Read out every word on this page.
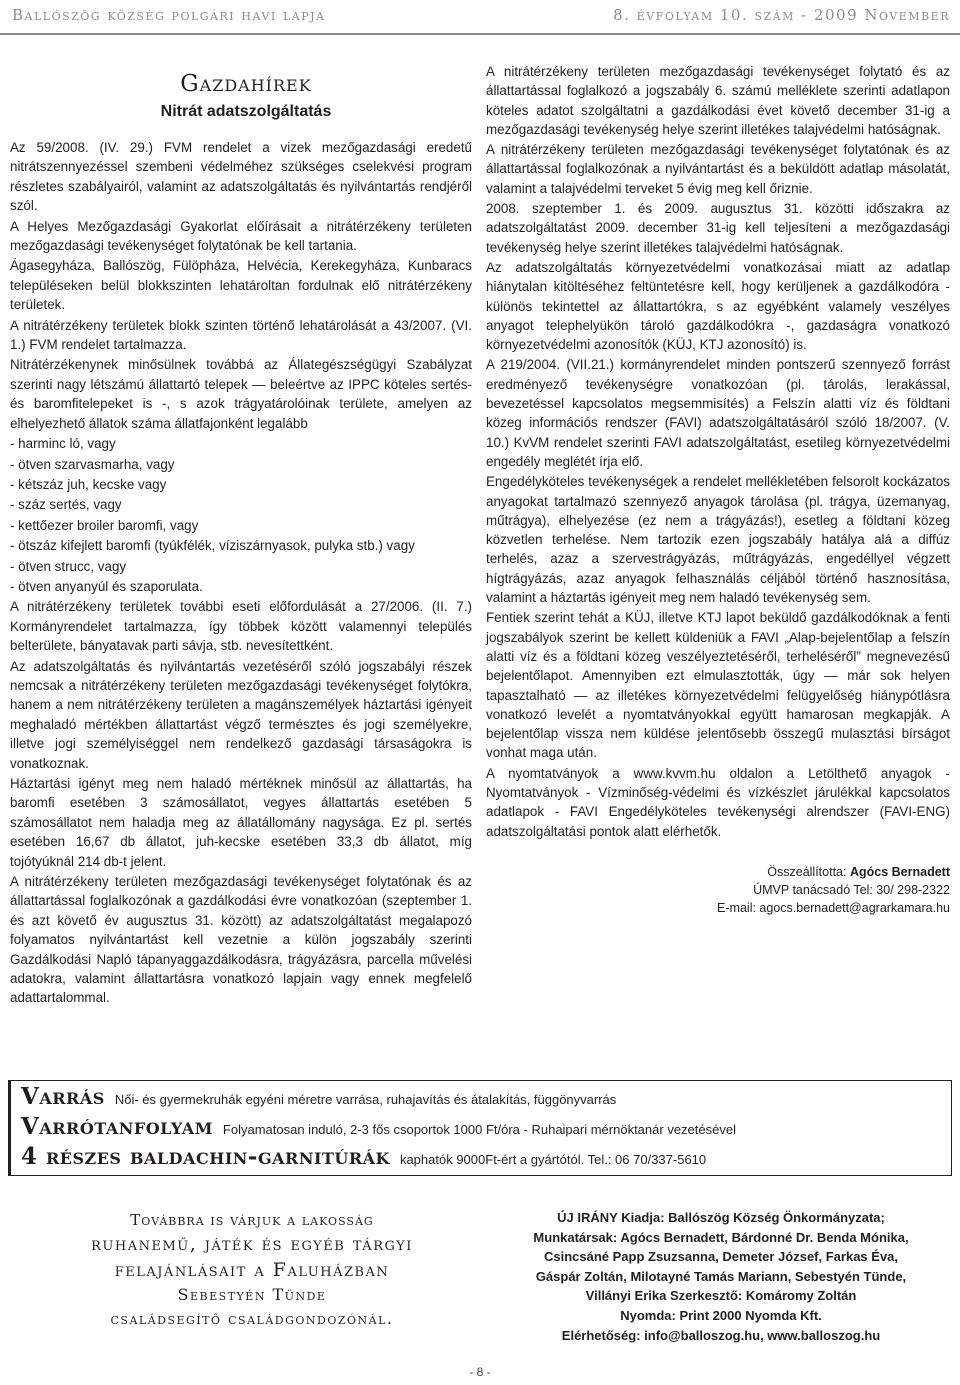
Ballószög község polgári havi lapja	8. évfolyam 10. szám - 2009 November
Gazdahírek
Nitrát adatszolgáltatás

Az 59/2008. (IV. 29.) FVM rendelet a vizek mezőgazdasági eredetű nitrátszennyezéssel szembeni védelméhez szükséges cselekvési program részletes szabályairól, valamint az adatszolgáltatás és nyilvántartás rendjéről szól.

A Helyes Mezőgazdasági Gyakorlat előírásait a nitrátérzékeny területen mezőgazdasági tevékenységet folytatónak be kell tartania.

Ágasegyháza, Ballószög, Fülöpháza, Helvécia, Kerekegyháza, Kunbaracs településeken belül blokkszinten lehatároltan fordulnak elő nitrátérzékeny területek.

A nitrátérzékeny területek blokk szinten történő lehatárolását a 43/2007. (VI. 1.) FVM rendelet tartalmazza.

Nitrátérzékenynek minősülnek továbbá az Állategészségügyi Szabályzat szerinti nagy létszámú állattartó telepek — beleértve az IPPC köteles sertés- és baromfitelepeket is -, s azok trágyatárolóinak területe, amelyen az elhelyezhető állatok száma állatfajonként legalább

- harminc ló, vagy

- ötven szarvasmarha, vagy

- kétszáz juh, kecske vagy

- száz sertés, vagy

- kettőezer broiler baromfi, vagy

- ötszáz kifejlett baromfi (tyúkfélék, víziszárnyasok, pulyka stb.) vagy

- ötven strucc, vagy

- ötven anyanyúl és szaporulata.

A nitrátérzékeny területek további eseti előfordulását a 27/2006. (II. 7.) Kormányrendelet tartalmazza, így többek között valamennyi település belterülete, bányatavak parti sávja, stb. nevesítettként.

Az adatszolgáltatás és nyilvántartás vezetéséről szóló jogszabályi részek nemcsak a nitrátérzékeny területen mezőgazdasági tevékenységet folytókra, hanem a nem nitrátérzékeny területen a magánszemélyek háztartási igényeit meghaladó mértékben állattartást végző természtes és jogi személyekre, illetve jogi személyiséggel nem rendelkező gazdasági társaságokra is vonatkoznak.

Háztartási igényt meg nem haladó mértéknek minősül az állattartás, ha baromfi esetében 3 számosállatot, vegyes állattartás esetében 5 számosállatot nem haladja meg az állatállomány nagysága. Ez pl. sertés esetében 16,67 db állatot, juh-kecske esetében 33,3 db állatot, míg tojótyúknál 214 db-t jelent.

A nitrátérzékeny területen mezőgazdasági tevékenységet folytatónak és az állattartással foglalkozónak a gazdálkodási évre vonatkozóan (szeptember 1. és azt követő év augusztus 31. között) az adatszolgáltatást megalapozó folyamatos nyilvántartást kell vezetnie a külön jogszabály szerinti Gazdálkodási Napló tápanyaggazdálkodásra, trágyázásra, parcella művelési adatokra, valamint állattartásra vonatkozó lapjain vagy ennek megfelelő adattartalommal.

A nitrátérzékeny területen mezőgazdasági tevékenységet folytató és az állattartással foglalkozó a jogszabály 6. számú melléklete szerinti adatlapon köteles adatot szolgáltatni a gazdálkodási évet követő december 31-ig a mezőgazdasági tevékenység helye szerint illetékes talajvédelmi hatóságnak.

A nitrátérzékeny területen mezőgazdasági tevékenységet folytatónak és az állattartással foglalkozónak a nyilvántartást és a beküldött adatlap másolatát, valamint a talajvédelmi terveket 5 évig meg kell őriznie.

2008. szeptember 1. és 2009. augusztus 31. közötti időszakra az adatszolgáltatást 2009. december 31-ig kell teljesíteni a mezőgazdasági tevékenység helye szerint illetékes talajvédelmi hatóságnak.

Az adatszolgáltatás környezetvédelmi vonatkozásai miatt az adatlap hiánytalan kitöltéséhez feltüntetésre kell, hogy kerüljenek a gazdálkodóra - különös tekintettel az állattartókra, s az egyébként valamely veszélyes anyagot telephelyükön tároló gazdálkodókra -, gazdaságra vonatkozó környezetvédelmi azonosítók (KÜJ, KTJ azonosító) is.

A 219/2004. (VII.21.) kormányrendelet minden pontszerű szennyező forrást eredményező tevékenységre vonatkozóan (pl. tárolás, lerakással, bevezetéssel kapcsolatos megsemmisítés) a Felszín alatti víz és földtani közeg információs rendszer (FAVI) adatszolgáltatásáról szóló 18/2007. (V. 10.) KvVM rendelet szerinti FAVI adatszolgáltatást, esetileg környezetvédelmi engedély meglétét írja elő.

Engedélyköteles tevékenységek a rendelet mellékletében felsorolt kockázatos anyagokat tartalmazó szennyező anyagok tárolása (pl. trágya, üzemanyag, műtrágya), elhelyezése (ez nem a trágyázás!), esetleg a földtani közeg közvetlen terhelése. Nem tartozik ezen jogszabály hatálya alá a diffúz terhelés, azaz a szervestrágyázás, műtrágyázás, engedéllyel végzett hígtrágyázás, azaz anyagok felhasználás céljából történő hasznosítása, valamint a háztartás igényeit meg nem haladó tevékenység sem.

Fentiek szerint tehát a KÜJ, illetve KTJ lapot beküldő gazdálkodóknak a fenti jogszabályok szerint be kellett küldeniük a FAVI „Alap-bejelentőlap a felszín alatti víz és a földtani közeg veszélyeztetéséről, terheléséről” megnevezésű bejelentőlapot. Amennyiben ezt elmulasztották, úgy — már sok helyen tapasztalható — az illetékes környezetvédelmi felügyelőség hiánypótlásra vonatkozó levelét a nyomtatványokkal együtt hamarosan megkapják. A bejelentőlap vissza nem küldése jelentősebb összegű mulasztási bírságot vonhat maga után.

A nyomtatványok a www.kvvm.hu oldalon a Letölthető anyagok - Nyomtatványok - Vízminőség-védelmi és vízkészlet járulékkal kapcsolatos adatlapok - FAVI Engedélyköteles tevékenységi alrendszer (FAVI-ENG) adatszolgáltatási pontok alatt elérhetők.

Összeállította: Agócs Bernadett
ÚMVP tanácsadó Tel: 30/ 298-2322
E-mail: agocs.bernadett@agrarkamara.hu
Varrás Női- és gyermekruhák egyéni méretre varrása, ruhajavítás és átalakítás, függönyvarrás
Varrótanfolyam Folyamatosan induló, 2-3 fős csoportok 1000 Ft/óra - Ruhaipari mérnöktanár vezetésével
4 részes baldachin-garnitúrák kaphatók 9000Ft-ért a gyártótól. Tel.: 06 70/337-5610
Továbbra is várjuk a lakosság
ruhanemű, játék és egyéb tárgyi
felajánlásait a Faluházban
Sebestyén Tünde
családsegítő családgondozónál.
ÚJ IRÁNY Kiadja: Ballószög Község Önkormányzata;
Munkatársak: Agócs Bernadett, Bárdonné Dr. Benda Mónika,
Csincsáné Papp Zsuzsanna, Demeter József, Farkas Éva,
Gáspár Zoltán, Milotayné Tamás Mariann, Sebestyén Tünde,
Villányi Erika Szerkesztő: Komáromy Zoltán
Nyomda: Print 2000 Nyomda Kft.
Elérhetőség: info@balloszog.hu, www.balloszog.hu
- 8 -
